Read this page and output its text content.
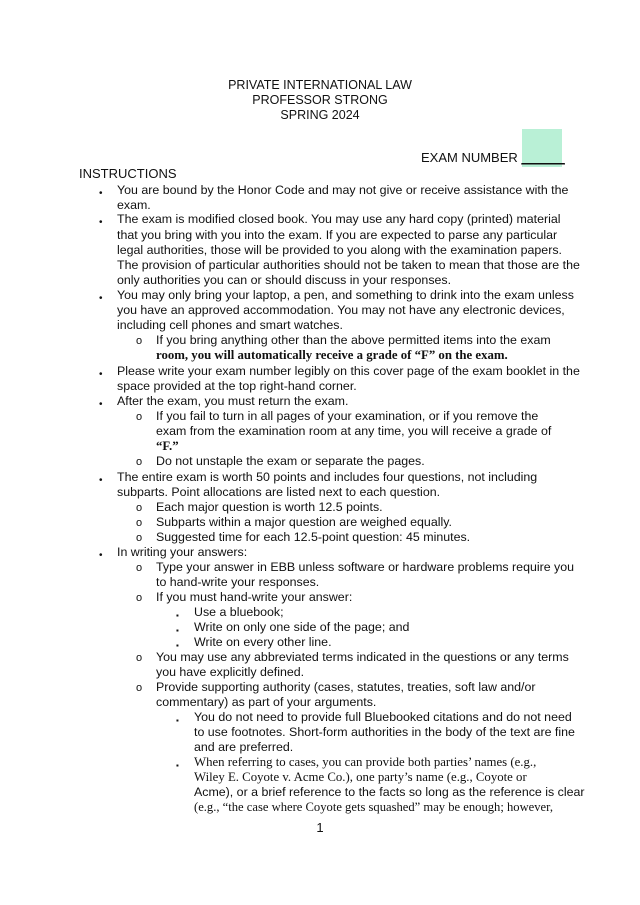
PRIVATE INTERNATIONAL LAW
PROFESSOR STRONG
SPRING 2024
EXAM NUMBER ______
INSTRUCTIONS
• You are bound by the Honor Code and may not give or receive assistance with the
exam.
• The exam is modified closed book. You may use any hard copy (printed) material
that you bring with you into the exam. If you are expected to parse any particular
legal authorities, those will be provided to you along with the examination papers.
The provision of particular authorities should not be taken to mean that those are the
only authorities you can or should discuss in your responses.
• You may only bring your laptop, a pen, and something to drink into the exam unless
you have an approved accommodation. You may not have any electronic devices,
including cell phones and smart watches.
o If you bring anything other than the above permitted items into the exam
room, you will automatically receive a grade of “F” on the exam.
• Please write your exam number legibly on this cover page of the exam booklet in the
space provided at the top right-hand corner.
• After the exam, you must return the exam.
o If you fail to turn in all pages of your examination, or if you remove the
exam from the examination room at any time, you will receive a grade of
“F.”
o Do not unstaple the exam or separate the pages.
• The entire exam is worth 50 points and includes four questions, not including
subparts. Point allocations are listed next to each question.
o Each major question is worth 12.5 points.
o Subparts within a major question are weighed equally.
o Suggested time for each 12.5-point question: 45 minutes.
• In writing your answers:
o Type your answer in EBB unless software or hardware problems require you
to hand-write your responses.
o If you must hand-write your answer:
▪ Use a bluebook;
▪ Write on only one side of the page; and
▪ Write on every other line.
o You may use any abbreviated terms indicated in the questions or any terms
you have explicitly defined.
o Provide supporting authority (cases, statutes, treaties, soft law and/or
commentary) as part of your arguments.
▪ You do not need to provide full Bluebooked citations and do not need
to use footnotes. Short-form authorities in the body of the text are fine
and are preferred.
▪ When referring to cases, you can provide both parties’ names (e.g.,
Wiley E. Coyote v. Acme Co.), one party’s name (e.g., Coyote or
Acme), or a brief reference to the facts so long as the reference is clear
(e.g., “the case where Coyote gets squashed” may be enough; however,
1
